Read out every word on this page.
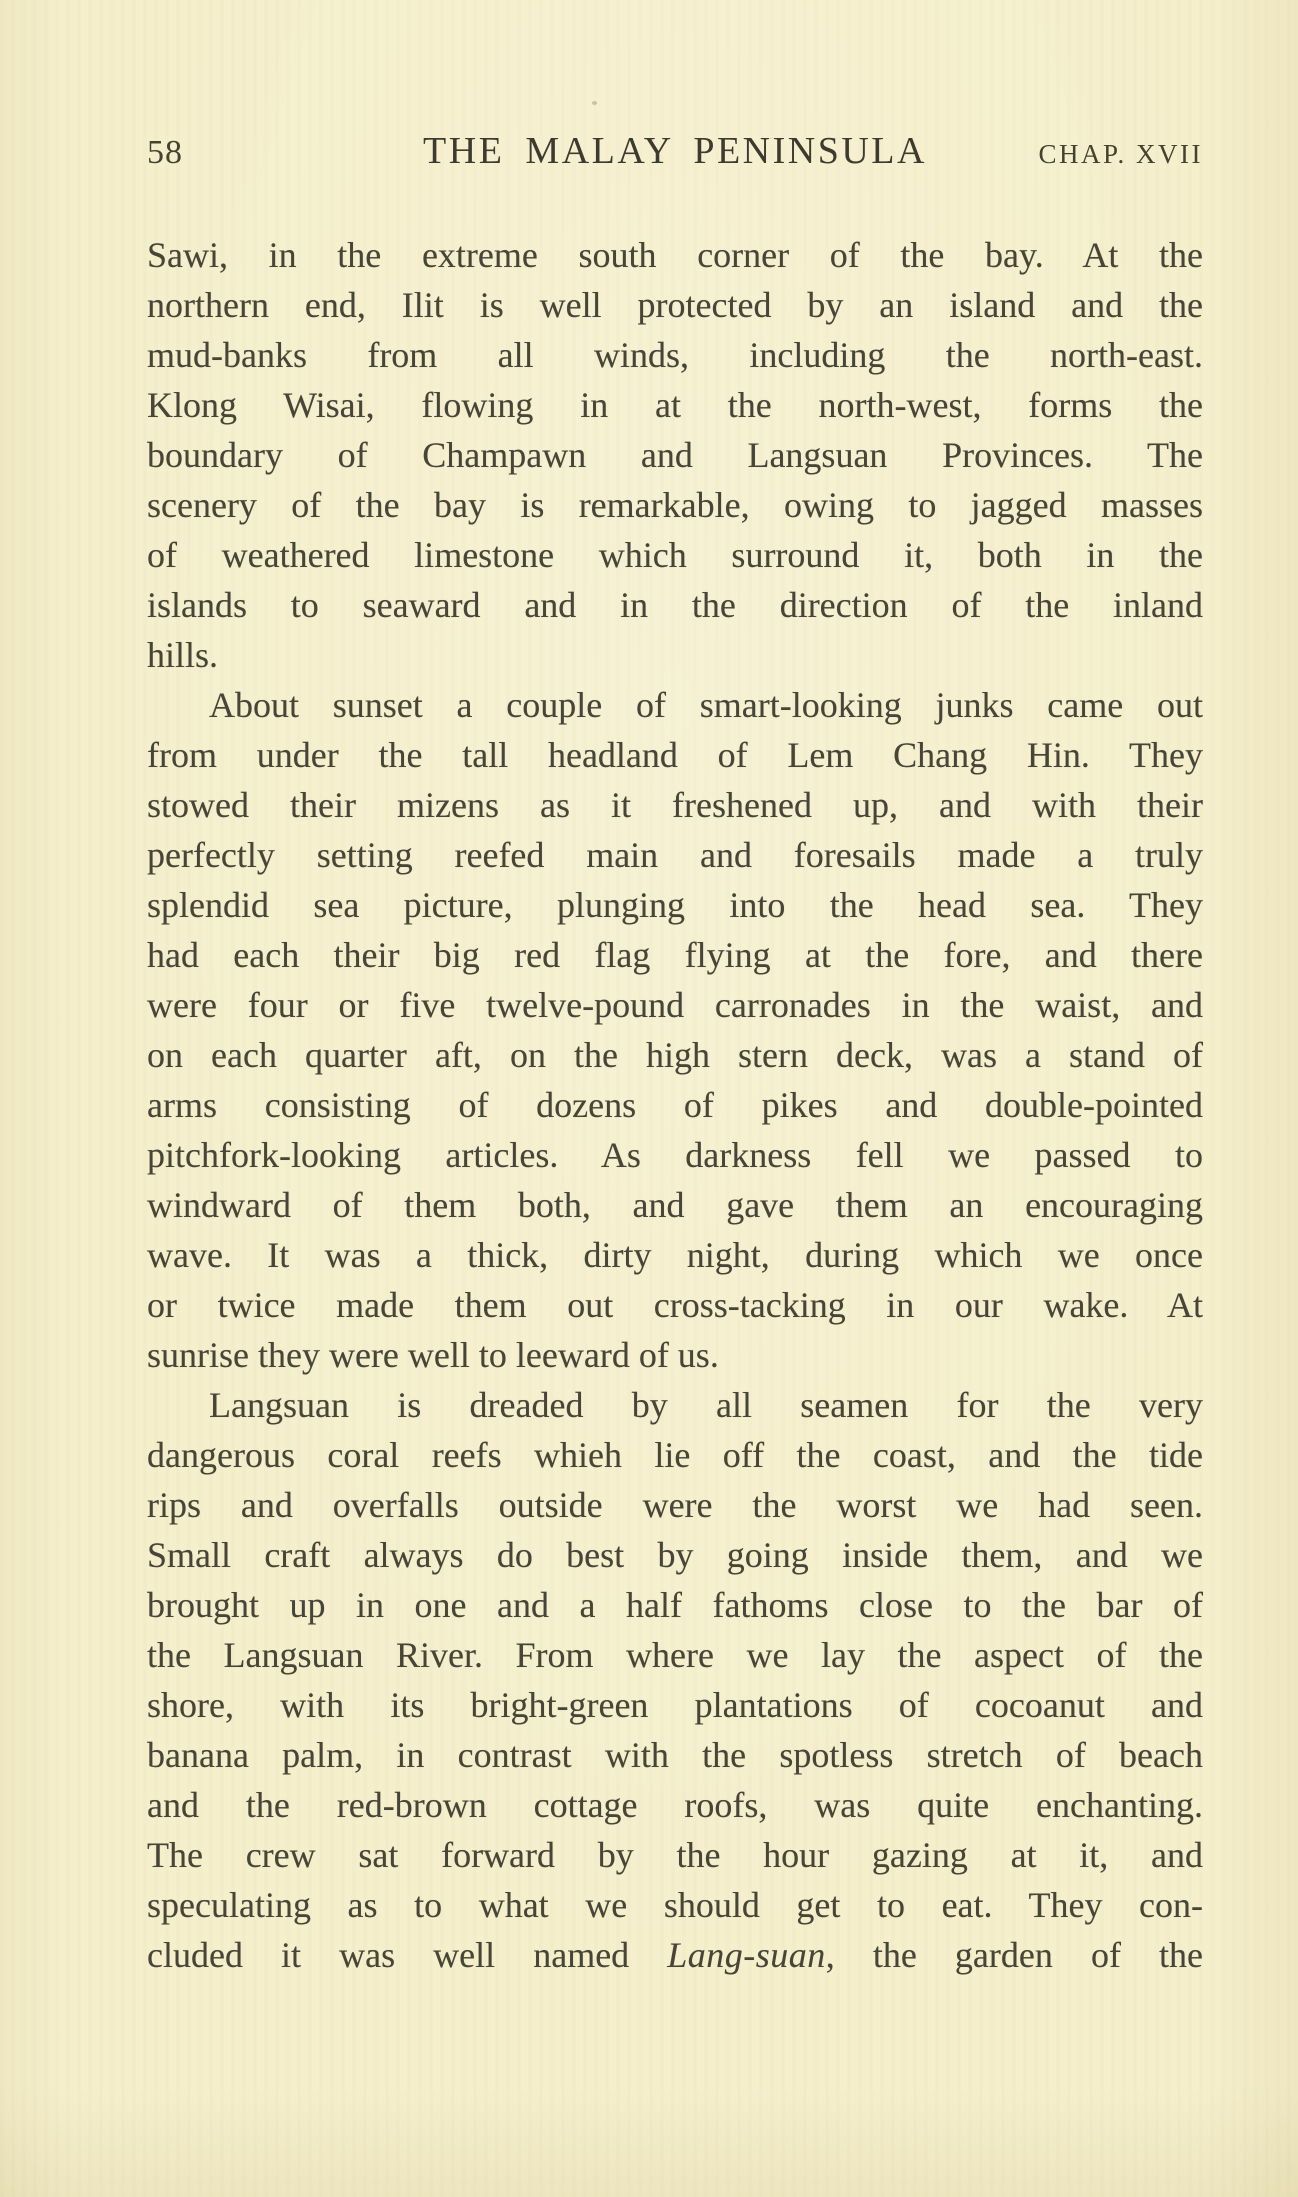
58	THE MALAY PENINSULA	CHAP. XVII
Sawi, in the extreme south corner of the bay. At the
northern end, Ilit is well protected by an island and the
mud-banks from all winds, including the north-east.
Klong Wisai, flowing in at the north-west, forms the
boundary of Champawn and Langsuan Provinces. The
scenery of the bay is remarkable, owing to jagged masses
of weathered limestone which surround it, both in the
islands to seaward and in the direction of the inland
hills.
About sunset a couple of smart-looking junks came out
from under the tall headland of Lem Chang Hin. They
stowed their mizens as it freshened up, and with their
perfectly setting reefed main and foresails made a truly
splendid sea picture, plunging into the head sea. They
had each their big red flag flying at the fore, and there
were four or five twelve-pound carronades in the waist, and
on each quarter aft, on the high stern deck, was a stand of
arms consisting of dozens of pikes and double-pointed
pitchfork-looking articles. As darkness fell we passed to
windward of them both, and gave them an encouraging
wave. It was a thick, dirty night, during which we once
or twice made them out cross-tacking in our wake. At
sunrise they were well to leeward of us.
Langsuan is dreaded by all seamen for the very
dangerous coral reefs whieh lie off the coast, and the tide
rips and overfalls outside were the worst we had seen.
Small craft always do best by going inside them, and we
brought up in one and a half fathoms close to the bar of
the Langsuan River. From where we lay the aspect of the
shore, with its bright-green plantations of cocoanut and
banana palm, in contrast with the spotless stretch of beach
and the red-brown cottage roofs, was quite enchanting.
The crew sat forward by the hour gazing at it, and
speculating as to what we should get to eat. They con-
cluded it was well named Lang-suan, the garden of the
